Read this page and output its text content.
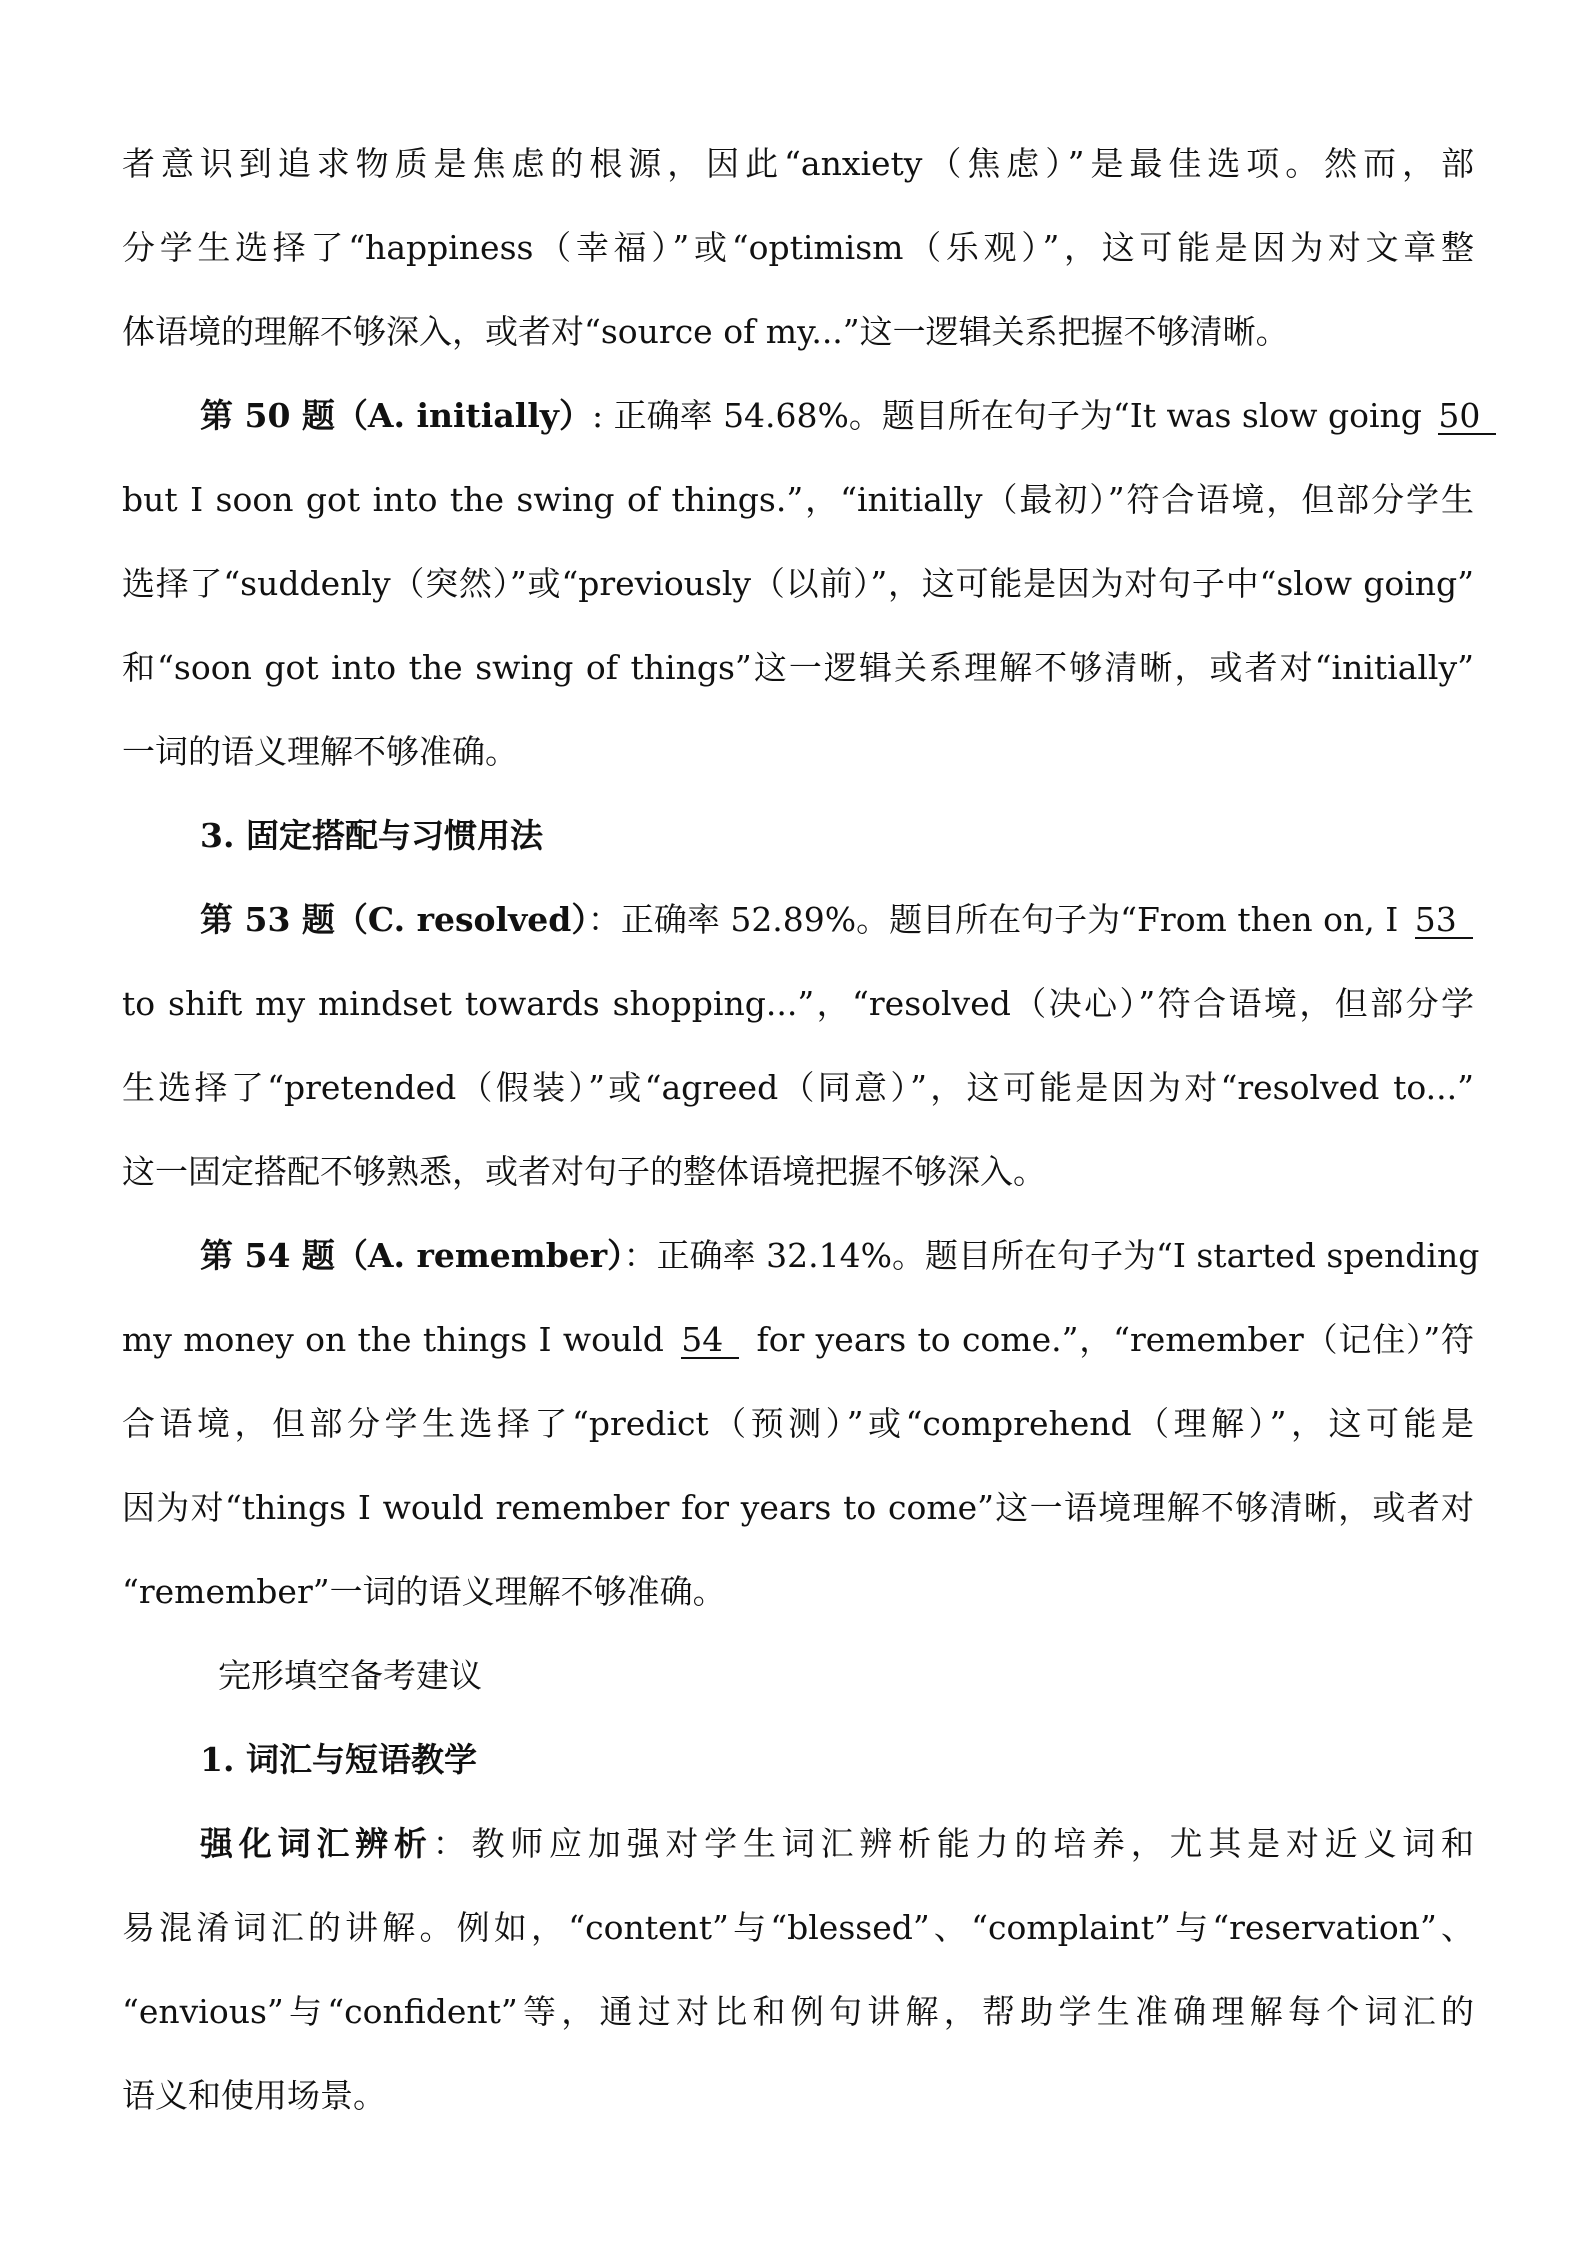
者意识到追求物质是焦虑的根源，因此“anxiety（焦虑）”是最佳选项。然而，部
分学生选择了“happiness（幸福）”或“optimism（乐观）”，这可能是因为对文章整
体语境的理解不够深入，或者对“source of my...”这一逻辑关系把握不够清晰。
第 50 题（A. initially）: 正确率 54.68%。题目所在句子为“It was slow going 50
but I soon got into the swing of things.”，“initially（最初）”符合语境，但部分学生
选择了“suddenly（突然）”或“previously（以前）”，这可能是因为对句子中“slow going”
和“soon got into the swing of things”这一逻辑关系理解不够清晰，或者对“initially”
一词的语义理解不够准确。
3. 固定搭配与习惯用法
第 53 题（C. resolved）：正确率 52.89%。题目所在句子为“From then on, I 53
to shift my mindset towards shopping...”，“resolved（决心）”符合语境，但部分学
生选择了“pretended（假装）”或“agreed（同意）”，这可能是因为对“resolved to...”
这一固定搭配不够熟悉，或者对句子的整体语境把握不够深入。
第 54 题（A. remember）：正确率 32.14%。题目所在句子为“I started spending
my money on the things I would 54 for years to come.”，“remember（记住）”符
合语境，但部分学生选择了“predict（预测）”或“comprehend（理解）”，这可能是
因为对“things I would remember for years to come”这一语境理解不够清晰，或者对
“remember”一词的语义理解不够准确。
完形填空备考建议
1. 词汇与短语教学
强化词汇辨析：教师应加强对学生词汇辨析能力的培养，尤其是对近义词和
易混淆词汇的讲解。例如，“content”与“blessed”、“complaint”与“reservation”、
“envious”与“confident”等，通过对比和例句讲解，帮助学生准确理解每个词汇的
语义和使用场景。
